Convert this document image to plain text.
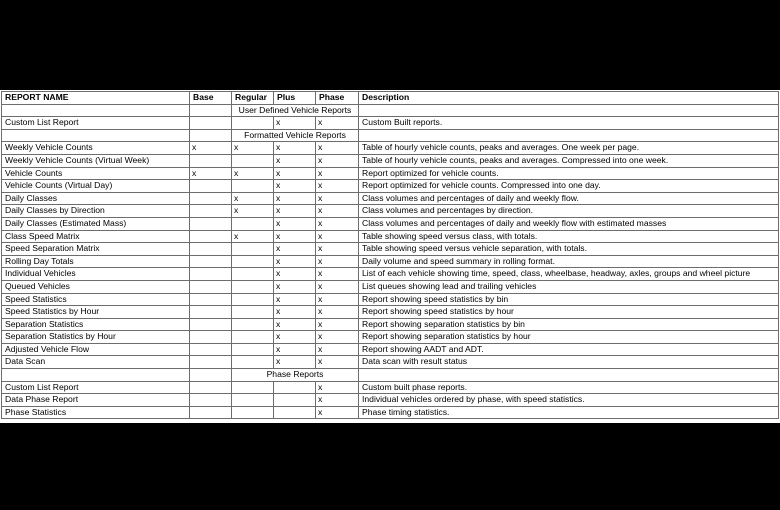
REPORT NAME	Base	Regular	Plus	Phase	Description
		User Defined Vehicle Reports			
Custom List Report			x	x	Custom Built reports.
		Formatted Vehicle Reports			
Weekly Vehicle Counts	x	x	x	x	Table of hourly vehicle counts, peaks and averages. One week per page.
Weekly Vehicle Counts (Virtual Week)			x	x	Table of hourly vehicle counts, peaks and averages. Compressed into one week.
Vehicle Counts	x	x	x	x	Report optimized for vehicle counts.
Vehicle Counts (Virtual Day)			x	x	Report optimized for vehicle counts. Compressed into one day.
Daily Classes		x	x	x	Class volumes and percentages of daily and weekly flow.
Daily Classes by Direction		x	x	x	Class volumes and percentages by direction.
Daily Classes (Estimated Mass)			x	x	Class volumes and percentages of daily and weekly flow with estimated masses
Class Speed Matrix		x	x	x	Table showing speed versus class, with totals.
Speed Separation Matrix			x	x	Table showing speed versus vehicle separation, with totals.
Rolling Day Totals			x	x	Daily volume and speed summary in rolling format.
Individual Vehicles			x	x	List of each vehicle showing time, speed, class, wheelbase, headway, axles, groups and wheel picture
Queued Vehicles			x	x	List queues showing lead and trailing vehicles
Speed Statistics			x	x	Report showing speed statistics by bin
Speed Statistics by Hour			x	x	Report showing speed statistics by hour
Separation Statistics			x	x	Report showing separation statistics by bin
Separation Statistics by Hour			x	x	Report showing separation statistics by hour
Adjusted Vehicle Flow			x	x	Report showing AADT and ADT.
Data Scan			x	x	Data scan with result status
		Phase Reports			
Custom List Report				x	Custom built phase reports.
Data Phase Report				x	Individual vehicles ordered by phase, with speed statistics.
Phase Statistics				x	Phase timing statistics.
